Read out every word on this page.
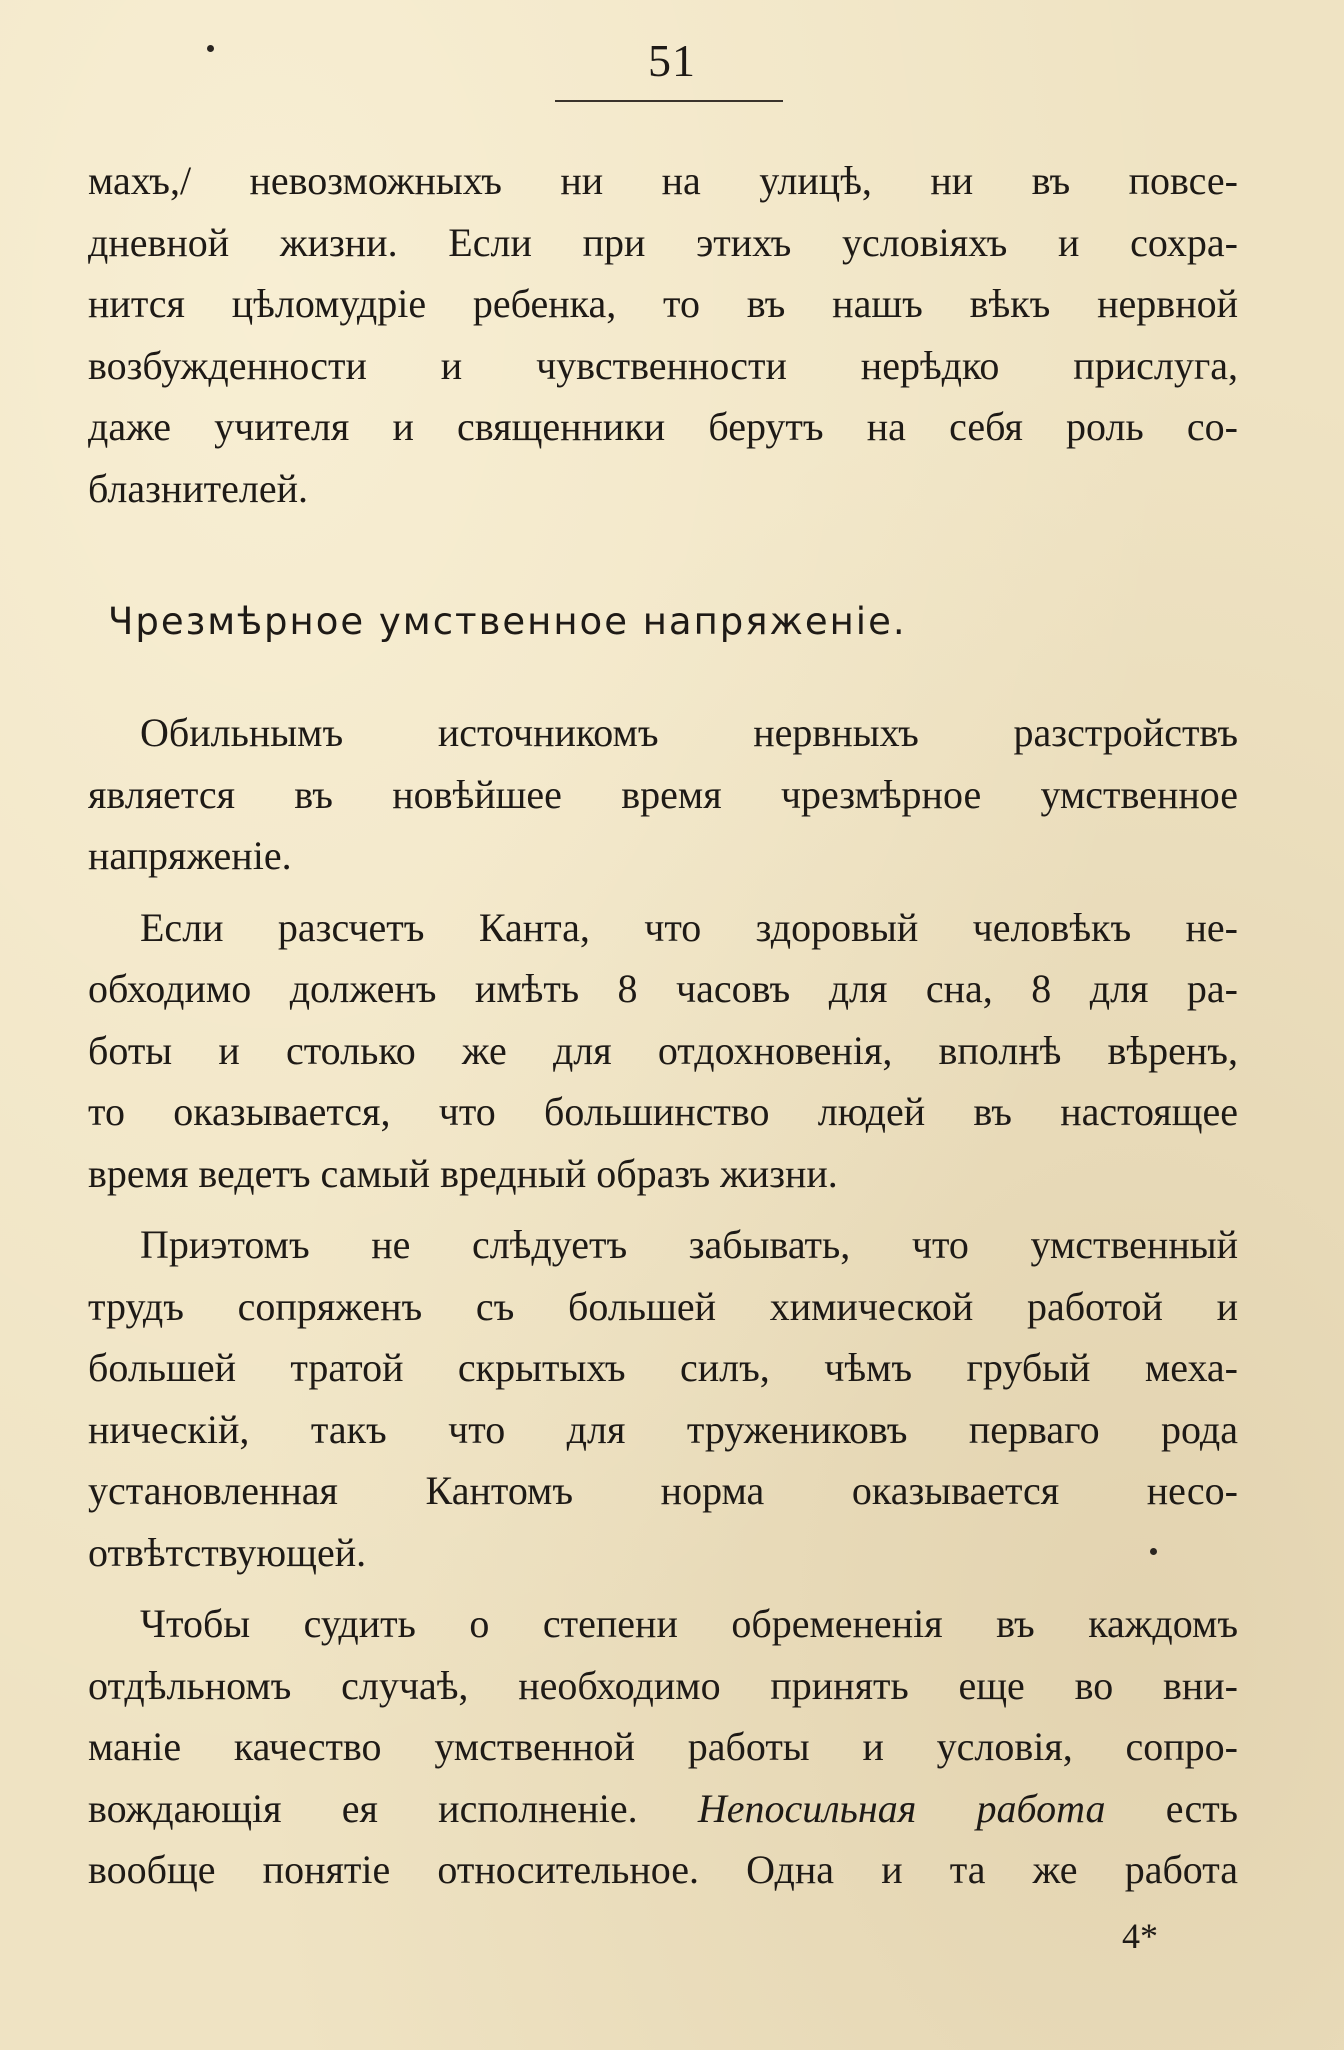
51
махъ,/ невозможныхъ ни на улицѣ, ни въ повсе-
дневной жизни. Если при этихъ условіяхъ и сохра-
нится цѣломудріе ребенка, то въ нашъ вѣкъ нервной
возбужденности и чувственности нерѣдко прислуга,
даже учителя и священники берутъ на себя роль со-
блазнителей.
Чрезмѣрное умственное напряженіе.
Обильнымъ источникомъ нервныхъ разстройствъ
является въ новѣйшее время чрезмѣрное умственное
напряженіе.
Если разсчетъ Канта, что здоровый человѣкъ не-
обходимо долженъ имѣть 8 часовъ для сна, 8 для ра-
боты и столько же для отдохновенія, вполнѣ вѣренъ,
то оказывается, что большинство людей въ настоящее
время ведетъ самый вредный образъ жизни.
Приэтомъ не слѣдуетъ забывать, что умственный
трудъ сопряженъ съ большей химической работой и
большей тратой скрытыхъ силъ, чѣмъ грубый меха-
ническій, такъ что для тружениковъ перваго рода
установленная Кантомъ норма оказывается несо-
отвѣтствующей.
Чтобы судить о степени обремененія въ каждомъ
отдѣльномъ случаѣ, необходимо принять еще во вни-
маніе качество умственной работы и условія, сопро-
вождающія ея исполненіе. Непосильная работа есть
вообще понятіе относительное. Одна и та же работа
4*
